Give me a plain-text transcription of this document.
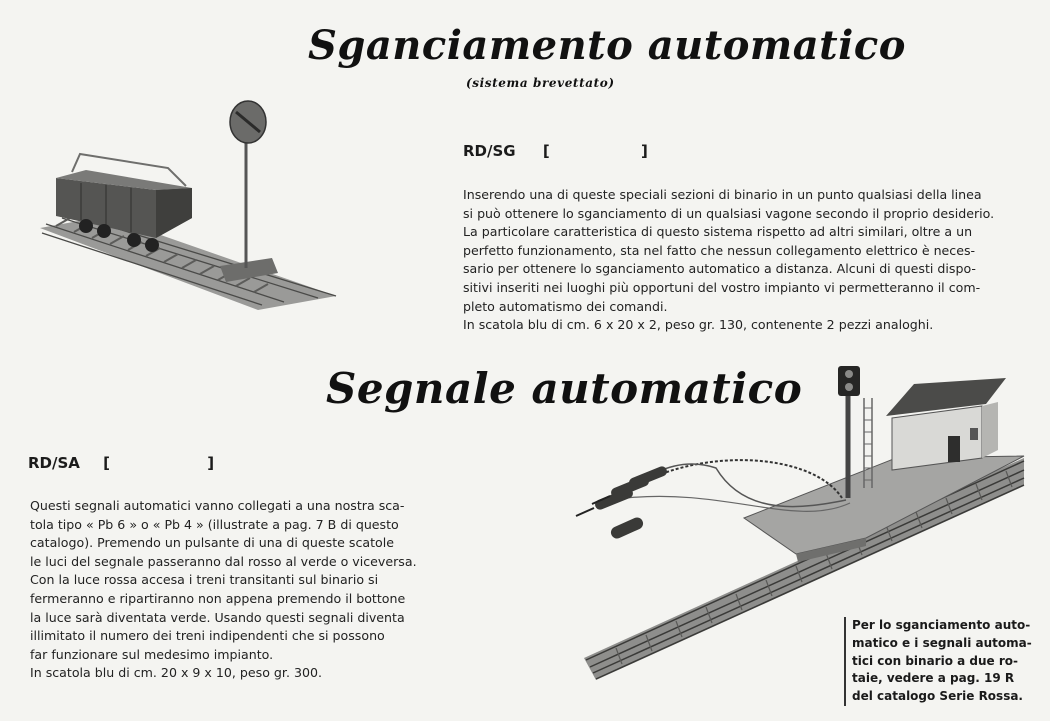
Sganciamento automatico
(sistema brevettato)
RD/SG [	]

Inserendo una di queste speciali sezioni di binario in un punto qualsiasi della linea
si può ottenere lo sganciamento di un qualsiasi vagone secondo il proprio desiderio.
La particolare caratteristica di questo sistema rispetto ad altri similari, oltre a un
perfetto funzionamento, sta nel fatto che nessun collegamento elettrico è neces-
sario per ottenere lo sganciamento automatico a distanza. Alcuni di questi dispo-
sitivi inseriti nei luoghi più opportuni del vostro impianto vi permetteranno il com-
pleto automatismo dei comandi.
In scatola blu di cm. 6 x 20 x 2, peso gr. 130, contenente 2 pezzi analoghi.

Segnale automatico
RD/SA [	]

Questi segnali automatici vanno collegati a una nostra sca-
tola tipo « Pb 6 » o « Pb 4 » (illustrate a pag. 7 B di questo
catalogo). Premendo un pulsante di una di queste scatole
le luci del segnale passeranno dal rosso al verde o viceversa.
Con la luce rossa accesa i treni transitanti sul binario si
fermeranno e ripartiranno non appena premendo il bottone
la luce sarà diventata verde. Usando questi segnali diventa
illimitato il numero dei treni indipendenti che si possono
far funzionare sul medesimo impianto.
In scatola blu di cm. 20 x 9 x 10, peso gr. 300.

Per lo sganciamento auto-
matico e i segnali automa-
tici con binario a due ro-
taie, vedere a pag. 19 R
del catalogo Serie Rossa.
